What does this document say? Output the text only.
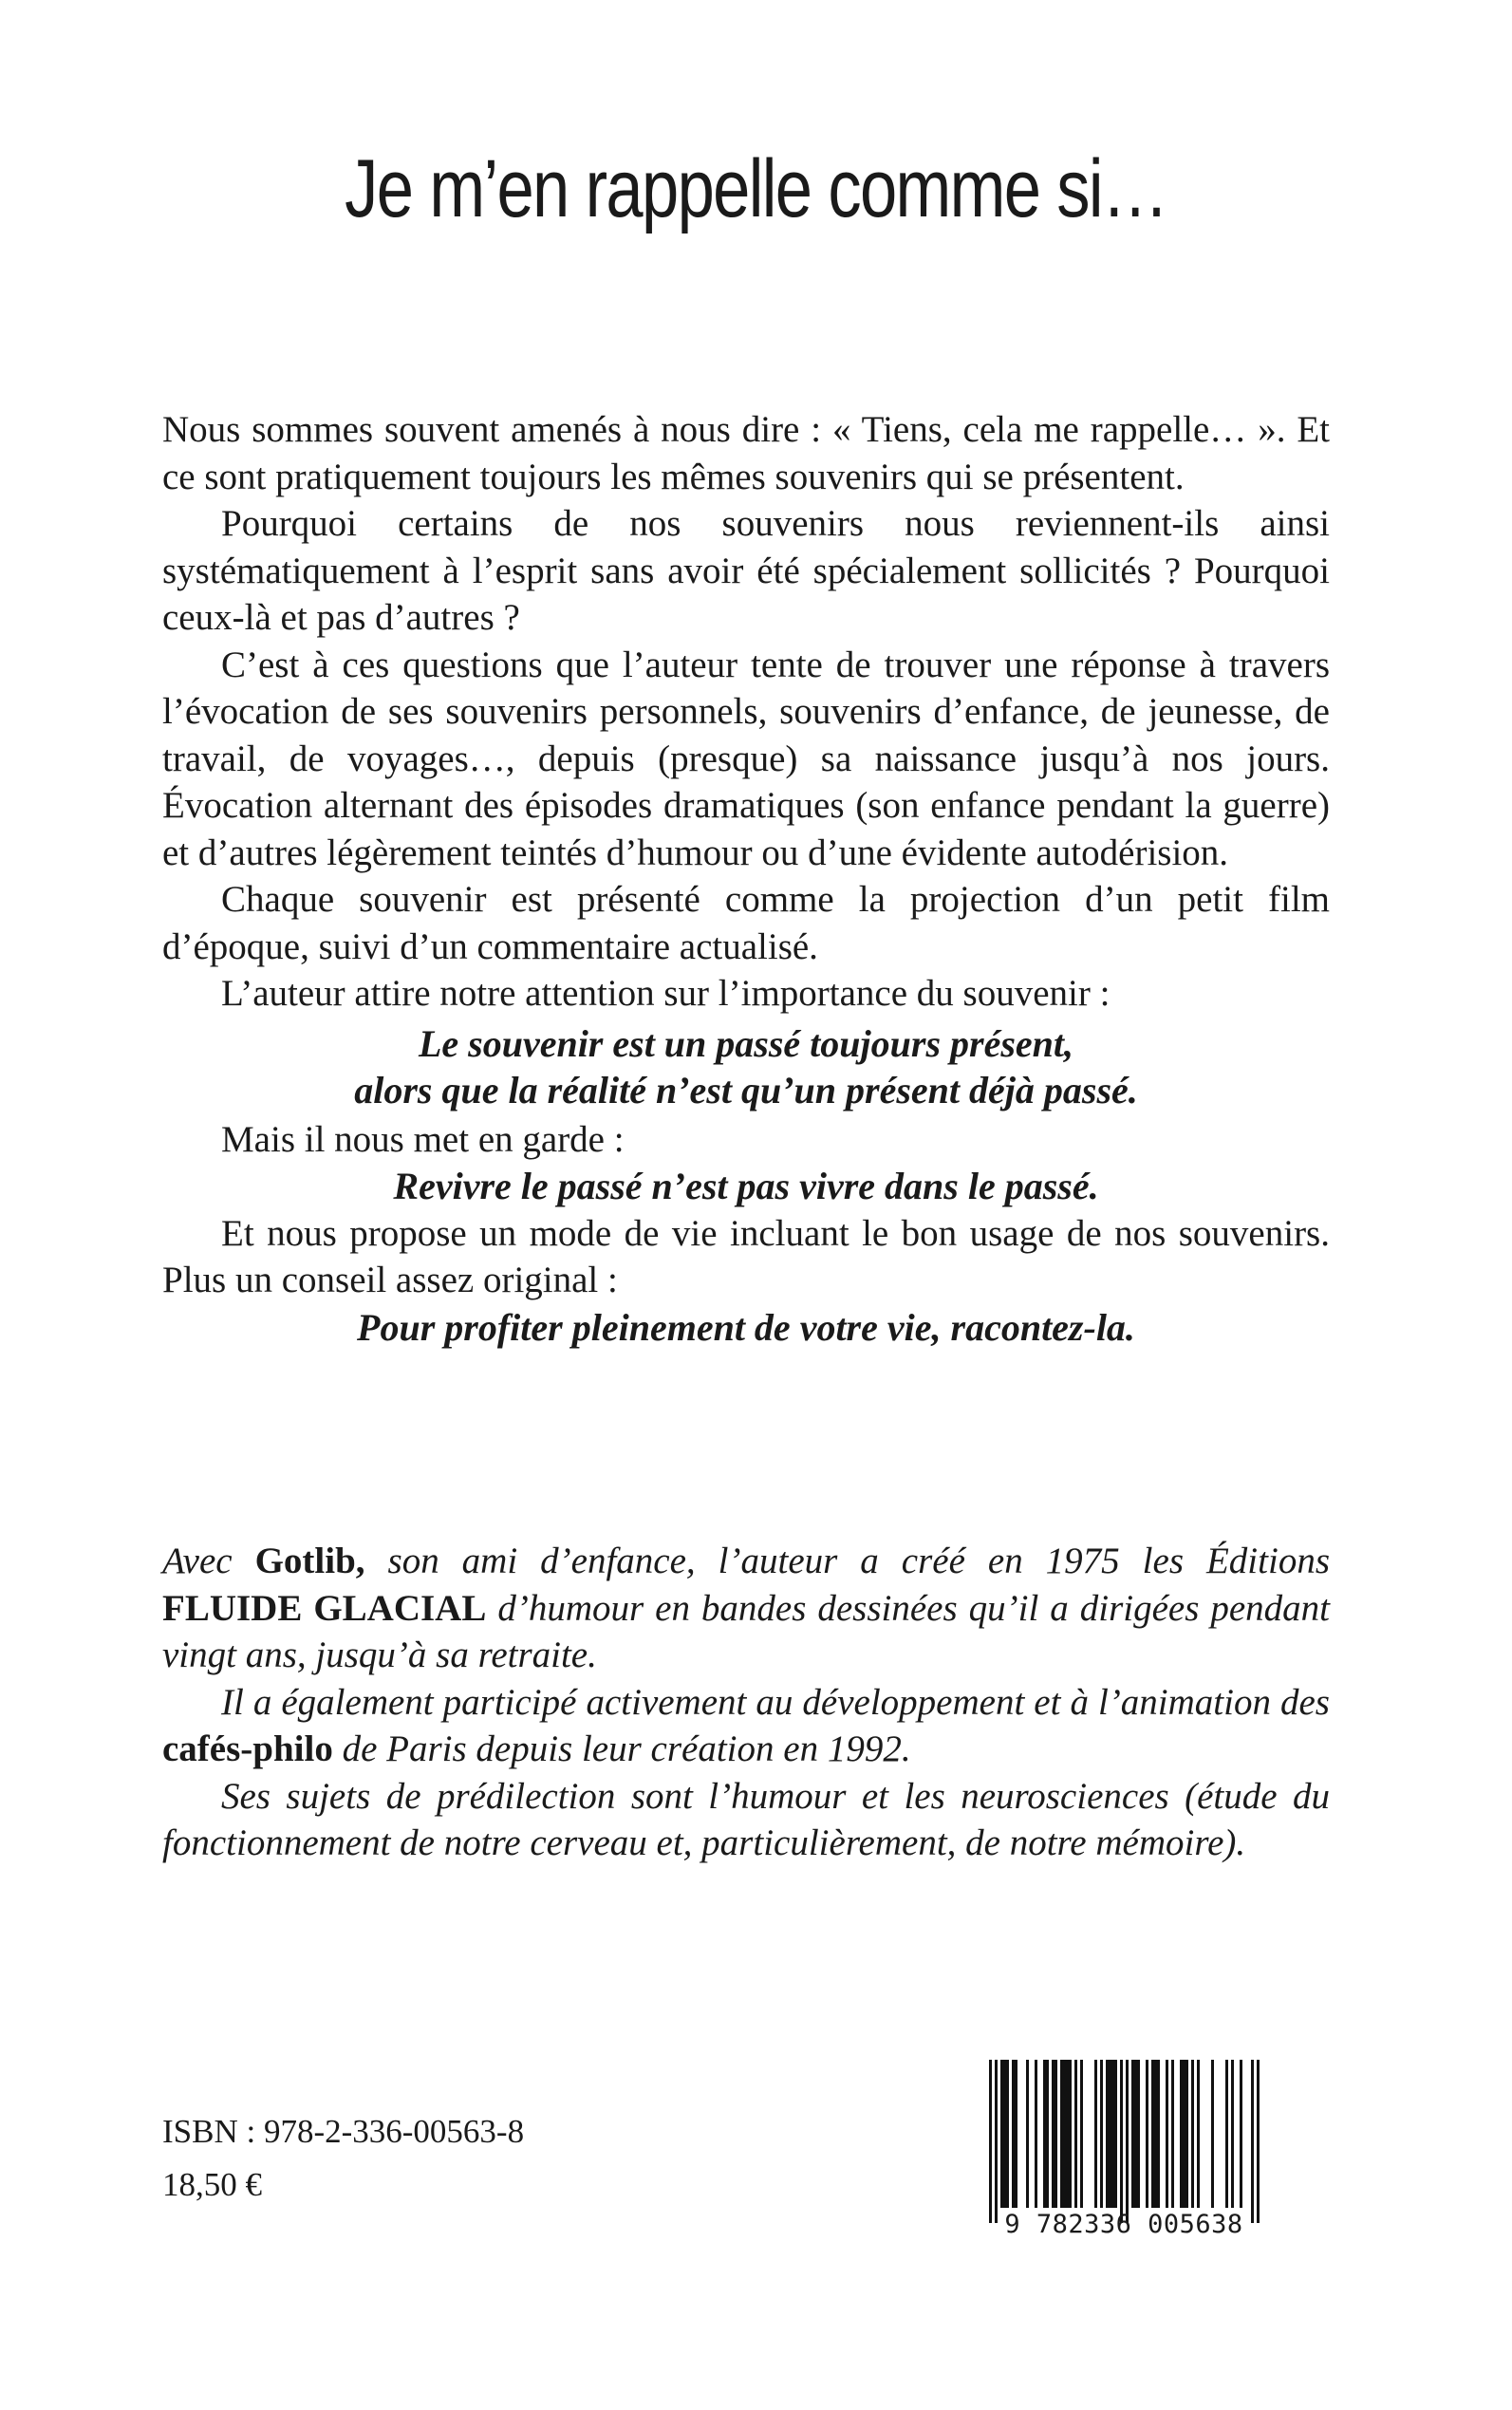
Je m’en rappelle comme si…

Nous sommes souvent amenés à nous dire : « Tiens, cela me rappelle… ». Et ce sont pratiquement toujours les mêmes souvenirs qui se présentent.

Pourquoi certains de nos souvenirs nous reviennent-ils ainsi systématiquement à l’esprit sans avoir été spécialement sollicités ? Pourquoi ceux-là et pas d’autres ?

C’est à ces questions que l’auteur tente de trouver une réponse à travers l’évocation de ses souvenirs personnels, souvenirs d’enfance, de jeunesse, de travail, de voyages…, depuis (presque) sa naissance jusqu’à nos jours. Évocation alternant des épisodes dramatiques (son enfance pendant la guerre) et d’autres légèrement teintés d’humour ou d’une évidente autodérision.

Chaque souvenir est présenté comme la projection d’un petit film d’époque, suivi d’un commentaire actualisé.

L’auteur attire notre attention sur l’importance du souvenir :

Le souvenir est un passé toujours présent,

alors que la réalité n’est qu’un présent déjà passé.

Mais il nous met en garde :

Revivre le passé n’est pas vivre dans le passé.

Et nous propose un mode de vie incluant le bon usage de nos souvenirs. Plus un conseil assez original :

Pour profiter pleinement de votre vie, racontez-la.

Avec Gotlib, son ami d’enfance, l’auteur a créé en 1975 les Éditions FLUIDE GLACIAL d’humour en bandes dessinées qu’il a dirigées pendant vingt ans, jusqu’à sa retraite.

Il a également participé activement au développement et à l’animation des cafés-philo de Paris depuis leur création en 1992.

Ses sujets de prédilection sont l’humour et les neurosciences (étude du fonctionnement de notre cerveau et, particulièrement, de notre mémoire).

ISBN : 978-2-336-00563-8
18,50 €
9 782336 005638
